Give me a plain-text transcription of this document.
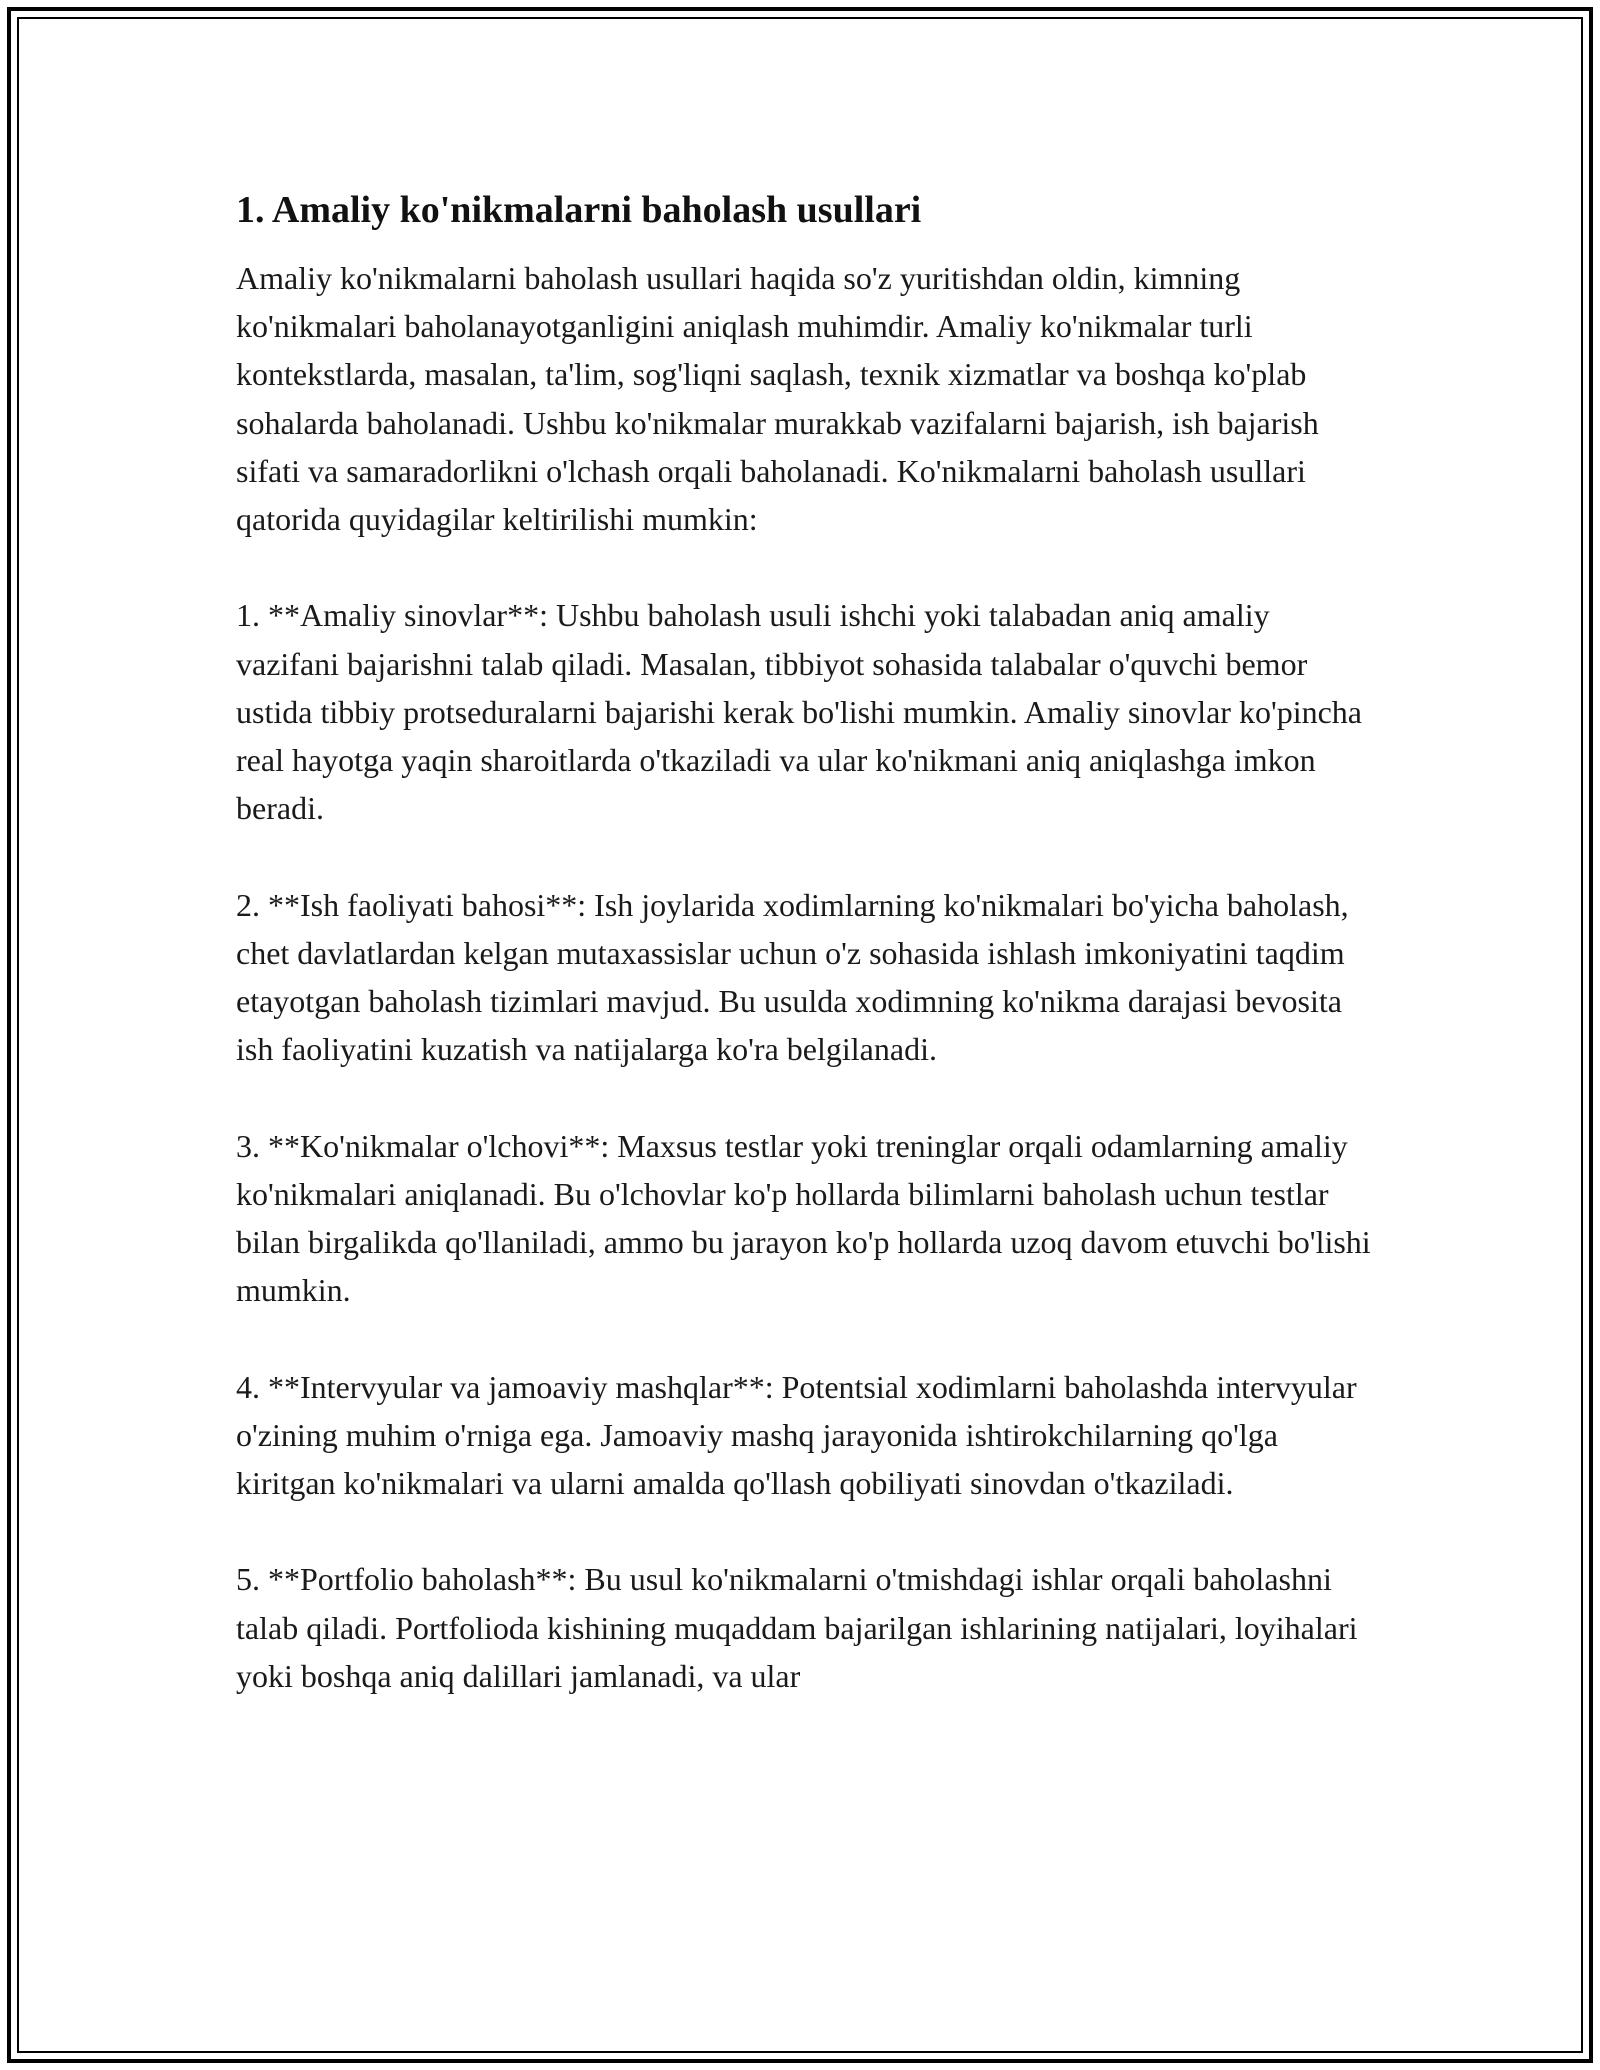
1. Amaliy ko'nikmalarni baholash usullari

Amaliy ko'nikmalarni baholash usullari haqida so'z yuritishdan oldin, kimning ko'nikmalari baholanayotganligini aniqlash muhimdir. Amaliy ko'nikmalar turli kontekstlarda, masalan, ta'lim, sog'liqni saqlash, texnik xizmatlar va boshqa ko'plab sohalarda baholanadi. Ushbu ko'nikmalar murakkab vazifalarni bajarish, ish bajarish sifati va samaradorlikni o'lchash orqali baholanadi. Ko'nikmalarni baholash usullari qatorida quyidagilar keltirilishi mumkin:

1. **Amaliy sinovlar**: Ushbu baholash usuli ishchi yoki talabadan aniq amaliy vazifani bajarishni talab qiladi. Masalan, tibbiyot sohasida talabalar o'quvchi bemor ustida tibbiy protseduralarni bajarishi kerak bo'lishi mumkin. Amaliy sinovlar ko'pincha real hayotga yaqin sharoitlarda o'tkaziladi va ular ko'nikmani aniq aniqlashga imkon beradi.

2. **Ish faoliyati bahosi**: Ish joylarida xodimlarning ko'nikmalari bo'yicha baholash, chet davlatlardan kelgan mutaxassislar uchun o'z sohasida ishlash imkoniyatini taqdim etayotgan baholash tizimlari mavjud. Bu usulda xodimning ko'nikma darajasi bevosita ish faoliyatini kuzatish va natijalarga ko'ra belgilanadi.

3. **Ko'nikmalar o'lchovi**: Maxsus testlar yoki treninglar orqali odamlarning amaliy ko'nikmalari aniqlanadi. Bu o'lchovlar ko'p hollarda bilimlarni baholash uchun testlar bilan birgalikda qo'llaniladi, ammo bu jarayon ko'p hollarda uzoq davom etuvchi bo'lishi mumkin.

4. **Intervyular va jamoaviy mashqlar**: Potentsial xodimlarni baholashda intervyular o'zining muhim o'rniga ega. Jamoaviy mashq jarayonida ishtirokchilarning qo'lga kiritgan ko'nikmalari va ularni amalda qo'llash qobiliyati sinovdan o'tkaziladi.

5. **Portfolio baholash**: Bu usul ko'nikmalarni o'tmishdagi ishlar orqali baholashni talab qiladi. Portfolioda kishining muqaddam bajarilgan ishlarining natijalari, loyihalari yoki boshqa aniq dalillari jamlanadi, va ular
